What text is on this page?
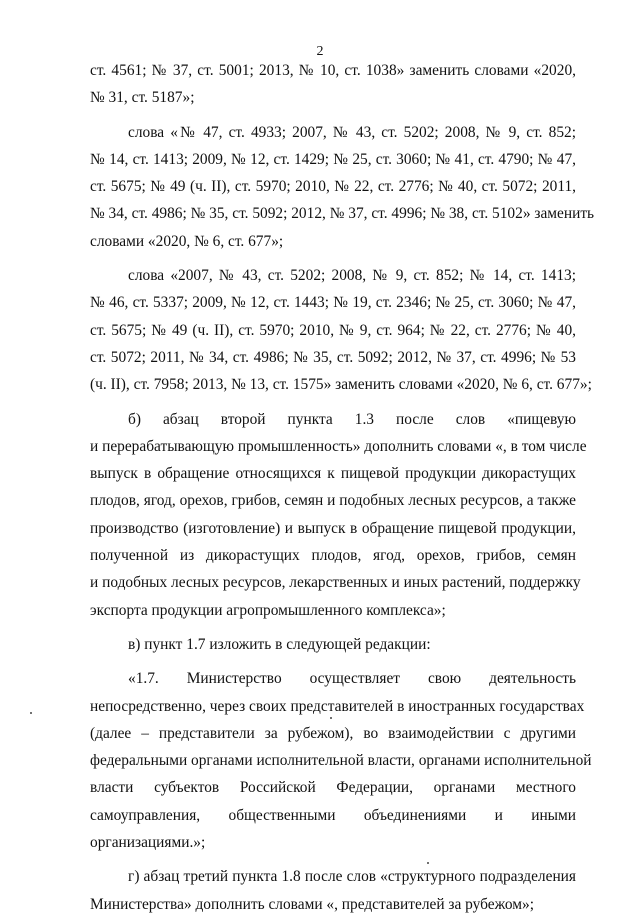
2
ст. 4561; № 37, ст. 5001; 2013, № 10, ст. 1038» заменить словами «2020,
№ 31, ст. 5187»;
слова «№ 47, ст. 4933; 2007, № 43, ст. 5202; 2008, № 9, ст. 852;
№ 14, ст. 1413; 2009, № 12, ст. 1429; № 25, ст. 3060; № 41, ст. 4790; № 47,
ст. 5675; № 49 (ч. II), ст. 5970; 2010, № 22, ст. 2776; № 40, ст. 5072; 2011,
№ 34, ст. 4986; № 35, ст. 5092; 2012, № 37, ст. 4996; № 38, ст. 5102» заменить
словами «2020, № 6, ст. 677»;
слова «2007, № 43, ст. 5202; 2008, № 9, ст. 852; № 14, ст. 1413;
№ 46, ст. 5337; 2009, № 12, ст. 1443; № 19, ст. 2346; № 25, ст. 3060; № 47,
ст. 5675; № 49 (ч. II), ст. 5970; 2010, № 9, ст. 964; № 22, ст. 2776; № 40,
ст. 5072; 2011, № 34, ст. 4986; № 35, ст. 5092; 2012, № 37, ст. 4996; № 53
(ч. II), ст. 7958; 2013, № 13, ст. 1575» заменить словами «2020, № 6, ст. 677»;
б) абзац второй пункта 1.3 после слов «пищевую
и перерабатывающую промышленность» дополнить словами «, в том числе
выпуск в обращение относящихся к пищевой продукции дикорастущих
плодов, ягод, орехов, грибов, семян и подобных лесных ресурсов, а также
производство (изготовление) и выпуск в обращение пищевой продукции,
полученной из дикорастущих плодов, ягод, орехов, грибов, семян
и подобных лесных ресурсов, лекарственных и иных растений, поддержку
экспорта продукции агропромышленного комплекса»;
в) пункт 1.7 изложить в следующей редакции:
«1.7. Министерство осуществляет свою деятельность
непосредственно, через своих представителей в иностранных государствах
(далее – представители за рубежом), во взаимодействии с другими
федеральными органами исполнительной власти, органами исполнительной
власти субъектов Российской Федерации, органами местного
самоуправления, общественными объединениями и иными
организациями.»;
г) абзац третий пункта 1.8 после слов «структурного подразделения
Министерства» дополнить словами «, представителей за рубежом»;
